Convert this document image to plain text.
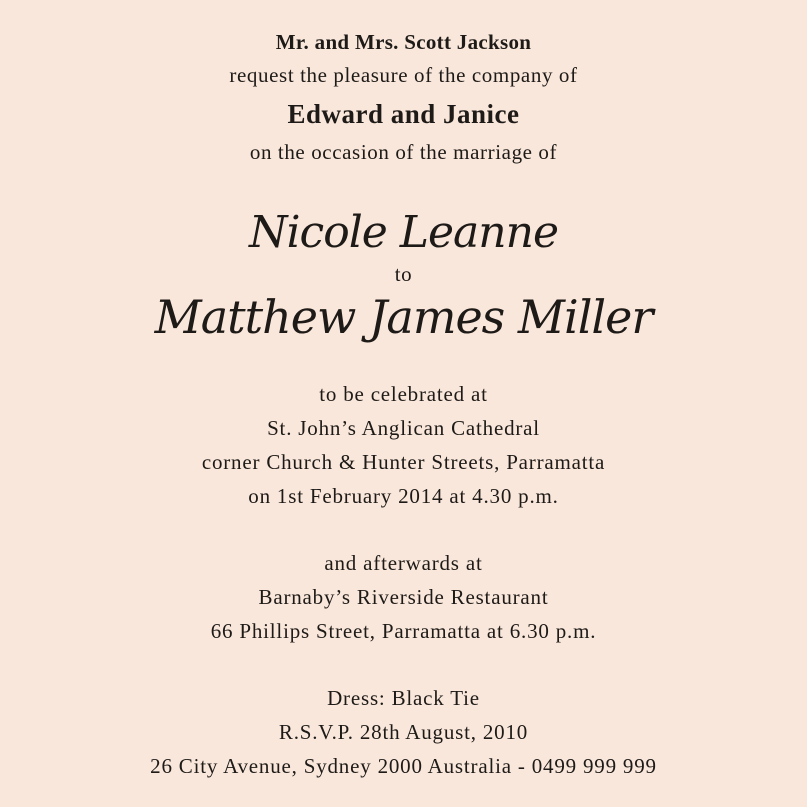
Mr. and Mrs. Scott Jackson
request the pleasure of the company of
Edward and Janice
on the occasion of the marriage of
Nicole Leanne
to
Matthew James Miller
to be celebrated at
St. John’s Anglican Cathedral
corner Church & Hunter Streets, Parramatta
on 1st February 2014 at 4.30 p.m.
and afterwards at
Barnaby’s Riverside Restaurant
66 Phillips Street, Parramatta at 6.30 p.m.
Dress: Black Tie
R.S.V.P. 28th August, 2010
26 City Avenue, Sydney 2000 Australia - 0499 999 999
